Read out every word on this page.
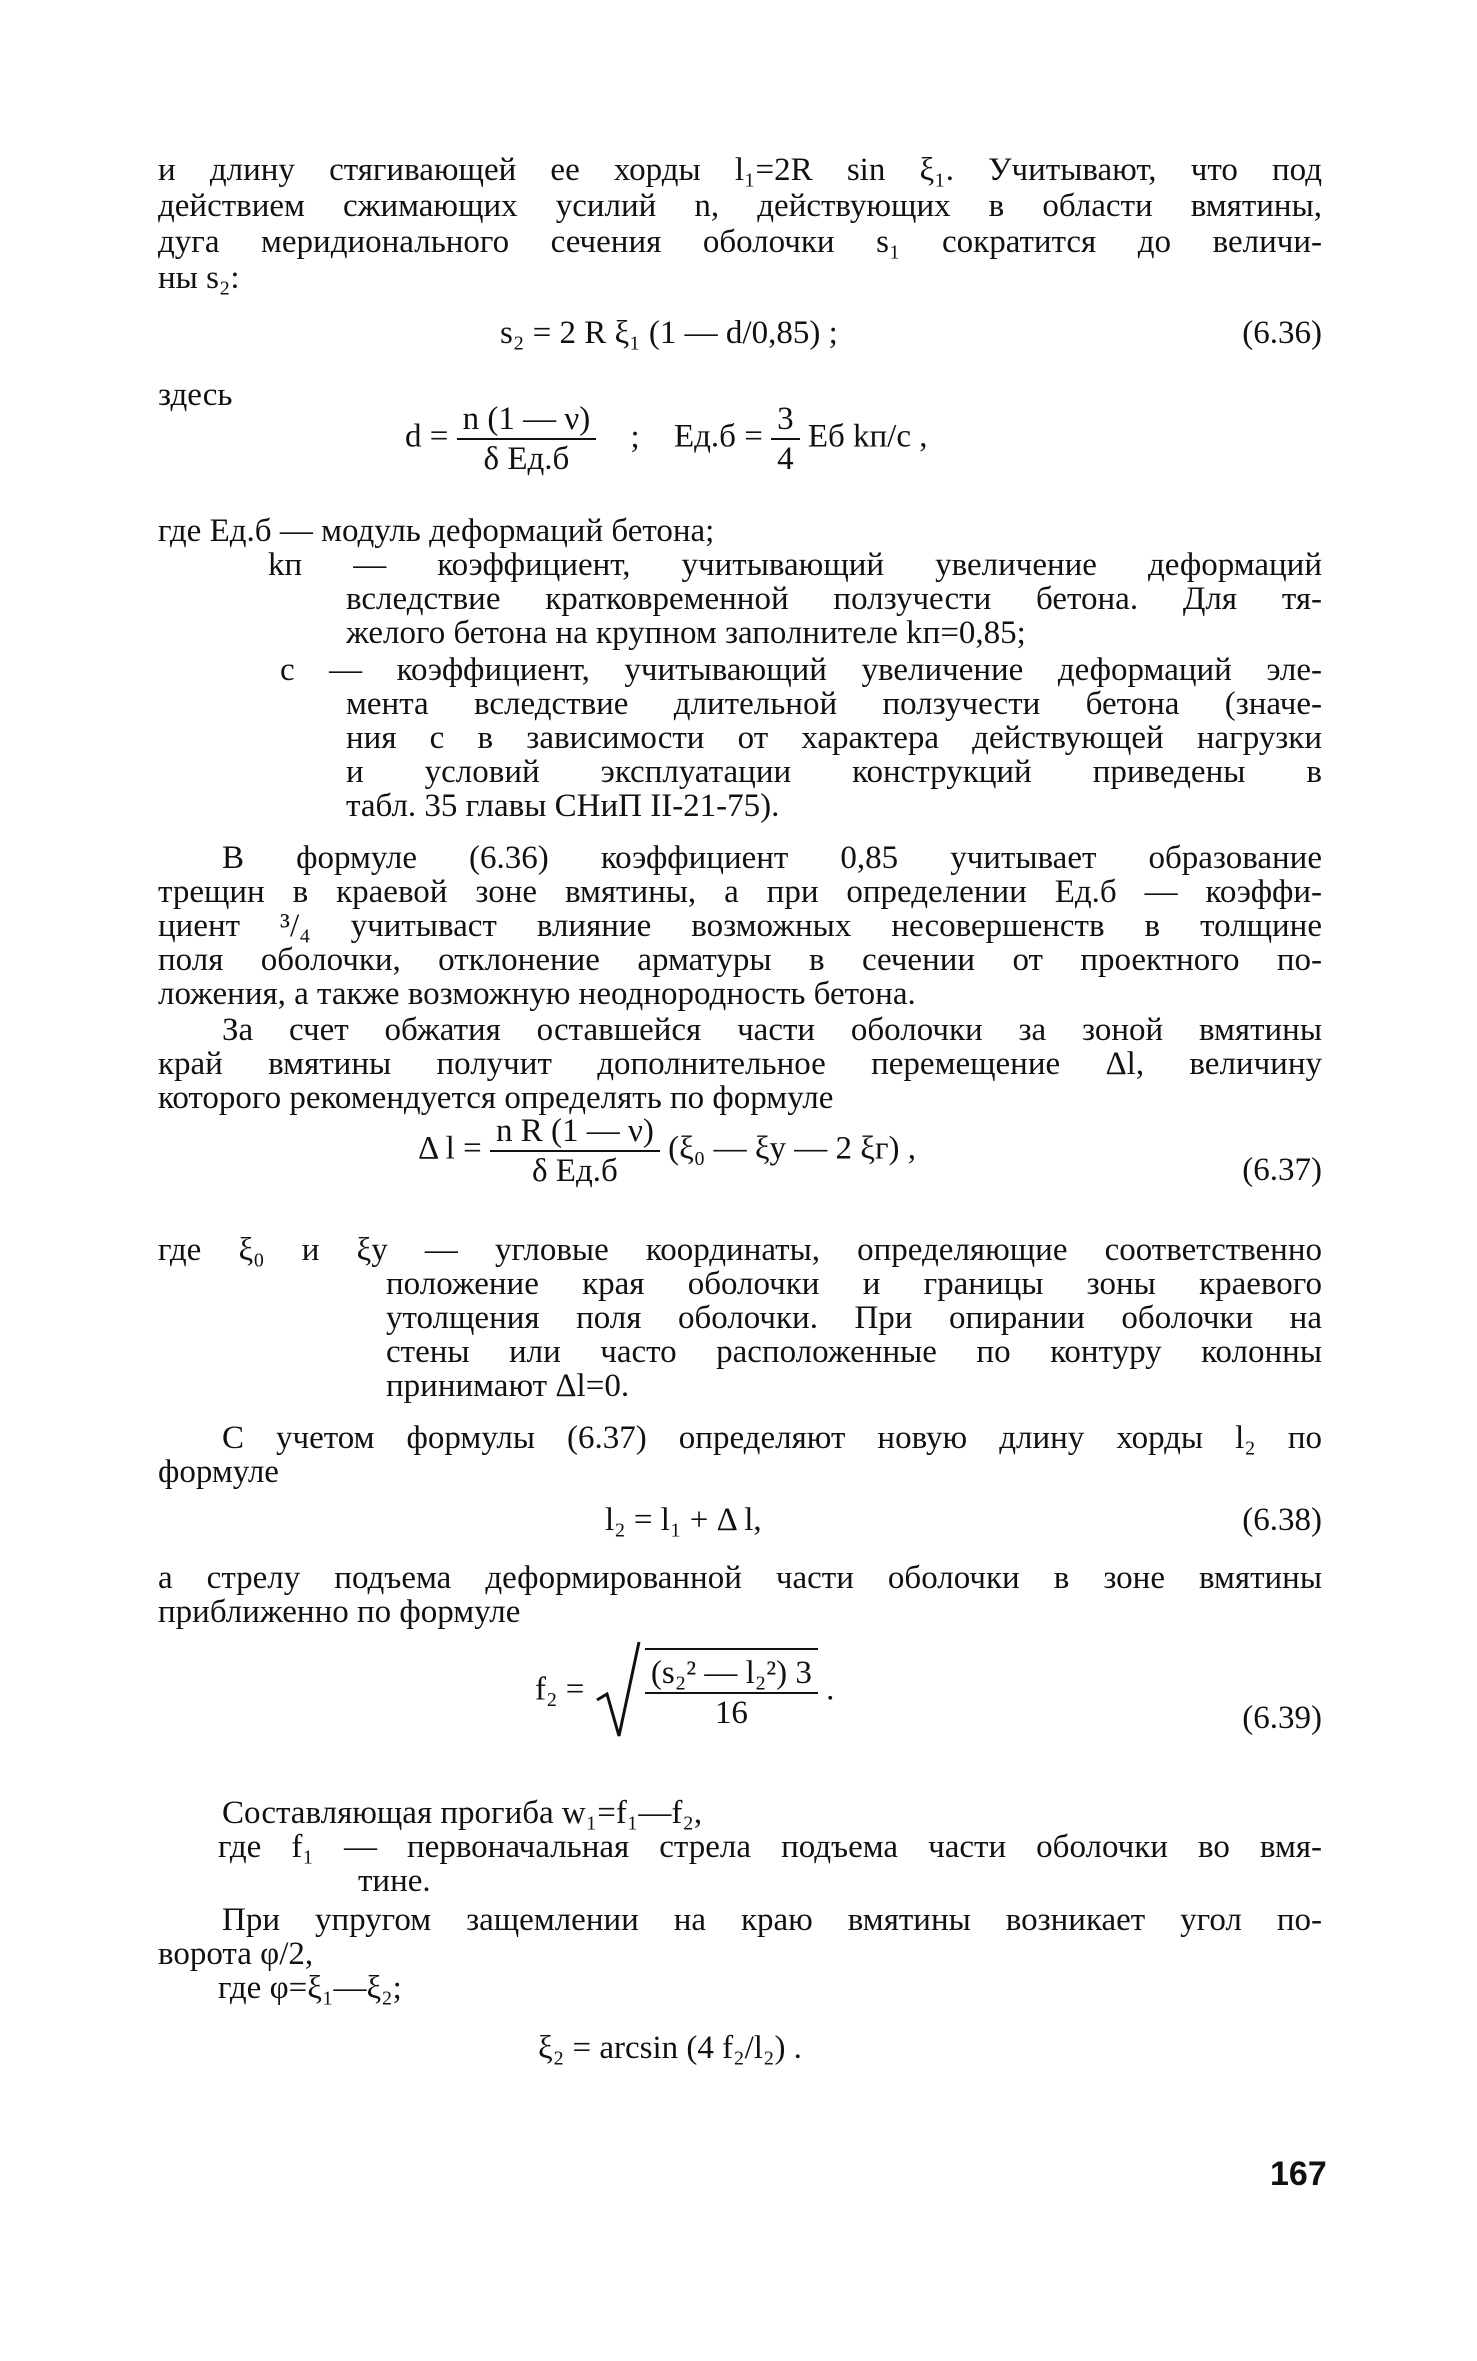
и длину стягивающей ее хорды l₁=2R sin ξ₁. Учитывают, что под
действием сжимающих усилий n, действующих в области вмятины,
дуга меридионального сечения оболочки s₁ сократится до величи-
ны s₂:
s₂ = 2 R ξ₁ (1 — d/0,85) ;	(6.36)
здесь
$d = \frac{n (1 — \nu)}{\text{δ Eд.б}}$ ; $Eд.б = \frac{3}{4}$ Eб kп/c ,
где Eд.б — модуль деформаций бетона;
kп — коэффициент, учитывающий увеличение деформаций
вследствие кратковременной ползучести бетона. Для тя-
желого бетона на крупном заполнителе kп=0,85;
c — коэффициент, учитывающий увеличение деформаций эле-
мента вследствие длительной ползучести бетона (значе-
ния c в зависимости от характера действующей нагрузки
и условий эксплуатации конструкций приведены в
табл. 35 главы СНиП II-21-75).
В формуле (6.36) коэффициент 0,85 учитывает образование
трещин в краевой зоне вмятины, а при определении Eд.б — коэффи-
циент ³/₄ учитываст влияние возможных несовершенств в толщине
поля оболочки, отклонение арматуры в сечении от проектного по-
ложения, а также возможную неоднородность бетона.
За счет обжатия оставшейся части оболочки за зоной вмятины
край вмятины получит дополнительное перемещение Δl, величину
которого рекомендуется определять по формуле
Δ $l = \frac{\text{n R (1 — ν)}}{\text{δ Eд.б}} (\xi_0$ — ξу — 2 ξг) ,
(6.37)
где ξ₀ и ξу — угловые координаты, определяющие соответственно
положение края оболочки и границы зоны краевого
утолщения поля оболочки. При опирании оболочки на
стены или часто расположенные по контуру колонны
принимают Δl=0.
С учетом формулы (6.37) определяют новую длину хорды l₂ по
формуле
l₂ = l₁ + Δ l,	(6.38)
а стрелу подъема деформированной части оболочки в зоне вмятины
приближенно по формуле
$f_2 = \frac{\text{(s₂² — l₂²) 3}}{16}$ .
(6.39)
Составляющая прогиба w₁=f₁—f₂,
где f₁ — первоначальная стрела подъема части оболочки во вмя-
тине.
При упругом защемлении на краю вмятины возникает угол по-
ворота φ/2,
где φ=ξ₁—ξ₂;
ξ₂ = arcsin (4 f₂/l₂) .
167
